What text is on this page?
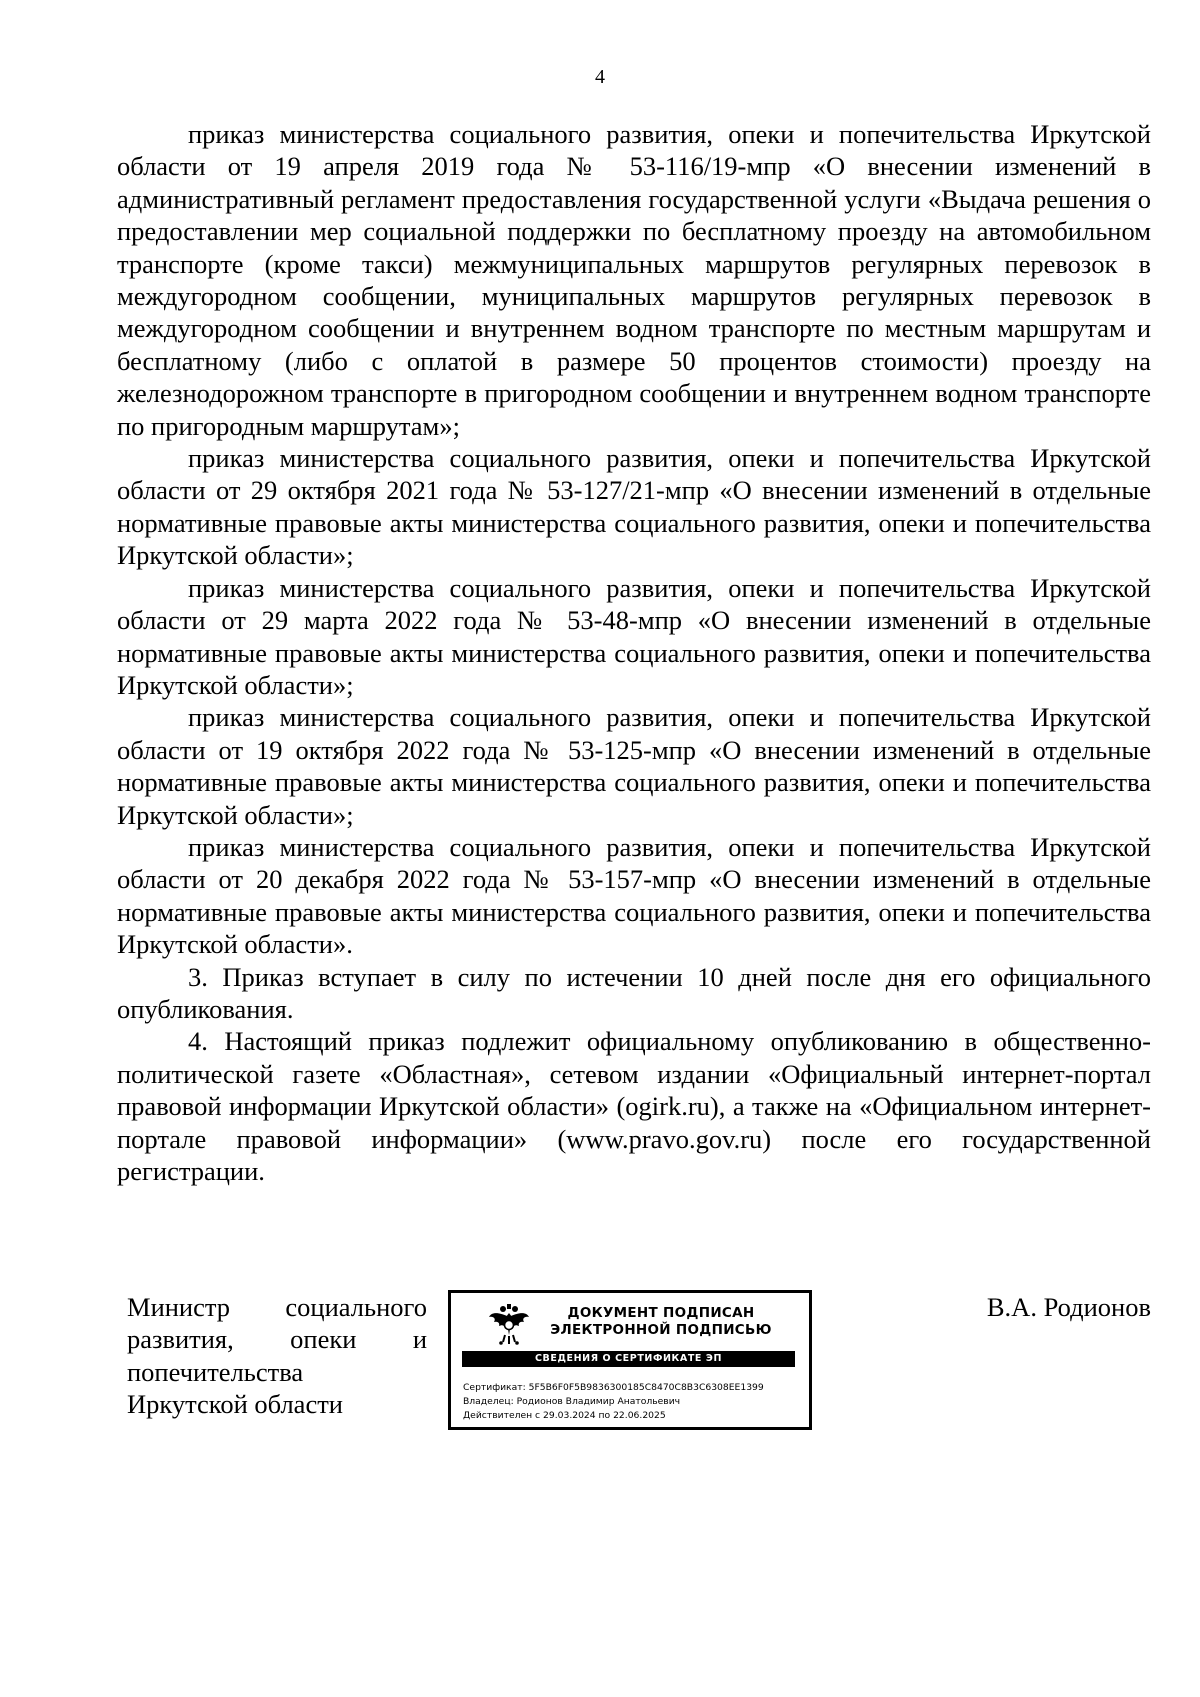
4

приказ министерства социального развития, опеки и попечительства Иркутской области от 19 апреля 2019 года № 53-116/19-мпр «О внесении изменений в административный регламент предоставления государственной услуги «Выдача решения о предоставлении мер социальной поддержки по бесплатному проезду на автомобильном транспорте (кроме такси) межмуниципальных маршрутов регулярных перевозок в междугородном сообщении, муниципальных маршрутов регулярных перевозок в междугородном сообщении и внутреннем водном транспорте по местным маршрутам и бесплатному (либо с оплатой в размере 50 процентов стоимости) проезду на железнодорожном транспорте в пригородном сообщении и внутреннем водном транспорте по пригородным маршрутам»;

приказ министерства социального развития, опеки и попечительства Иркутской области от 29 октября 2021 года № 53-127/21-мпр «О внесении изменений в отдельные нормативные правовые акты министерства социального развития, опеки и попечительства Иркутской области»;

приказ министерства социального развития, опеки и попечительства Иркутской области от 29 марта 2022 года № 53-48-мпр «О внесении изменений в отдельные нормативные правовые акты министерства социального развития, опеки и попечительства Иркутской области»;

приказ министерства социального развития, опеки и попечительства Иркутской области от 19 октября 2022 года № 53-125-мпр «О внесении изменений в отдельные нормативные правовые акты министерства социального развития, опеки и попечительства Иркутской области»;

приказ министерства социального развития, опеки и попечительства Иркутской области от 20 декабря 2022 года № 53-157-мпр «О внесении изменений в отдельные нормативные правовые акты министерства социального развития, опеки и попечительства Иркутской области».

3. Приказ вступает в силу по истечении 10 дней после дня его официального опубликования.

4. Настоящий приказ подлежит официальному опубликованию в общественно-политической газете «Областная», сетевом издании «Официальный интернет-портал правовой информации Иркутской области» (ogirk.ru), а также на «Официальном интернет-портале правовой информации» (www.pravo.gov.ru) после его государственной регистрации.

Министр социального
развития, опеки и
попечительства
Иркутской области
В.А. Родионов
ДОКУМЕНТ ПОДПИСАН
ЭЛЕКТРОННОЙ ПОДПИСЬЮ
СВЕДЕНИЯ О СЕРТИФИКАТЕ ЭП
Сертификат: 5F5B6F0F5B9836300185C8470C8B3C6308EE1399
Владелец: Родионов Владимир Анатольевич
Действителен с 29.03.2024 по 22.06.2025
